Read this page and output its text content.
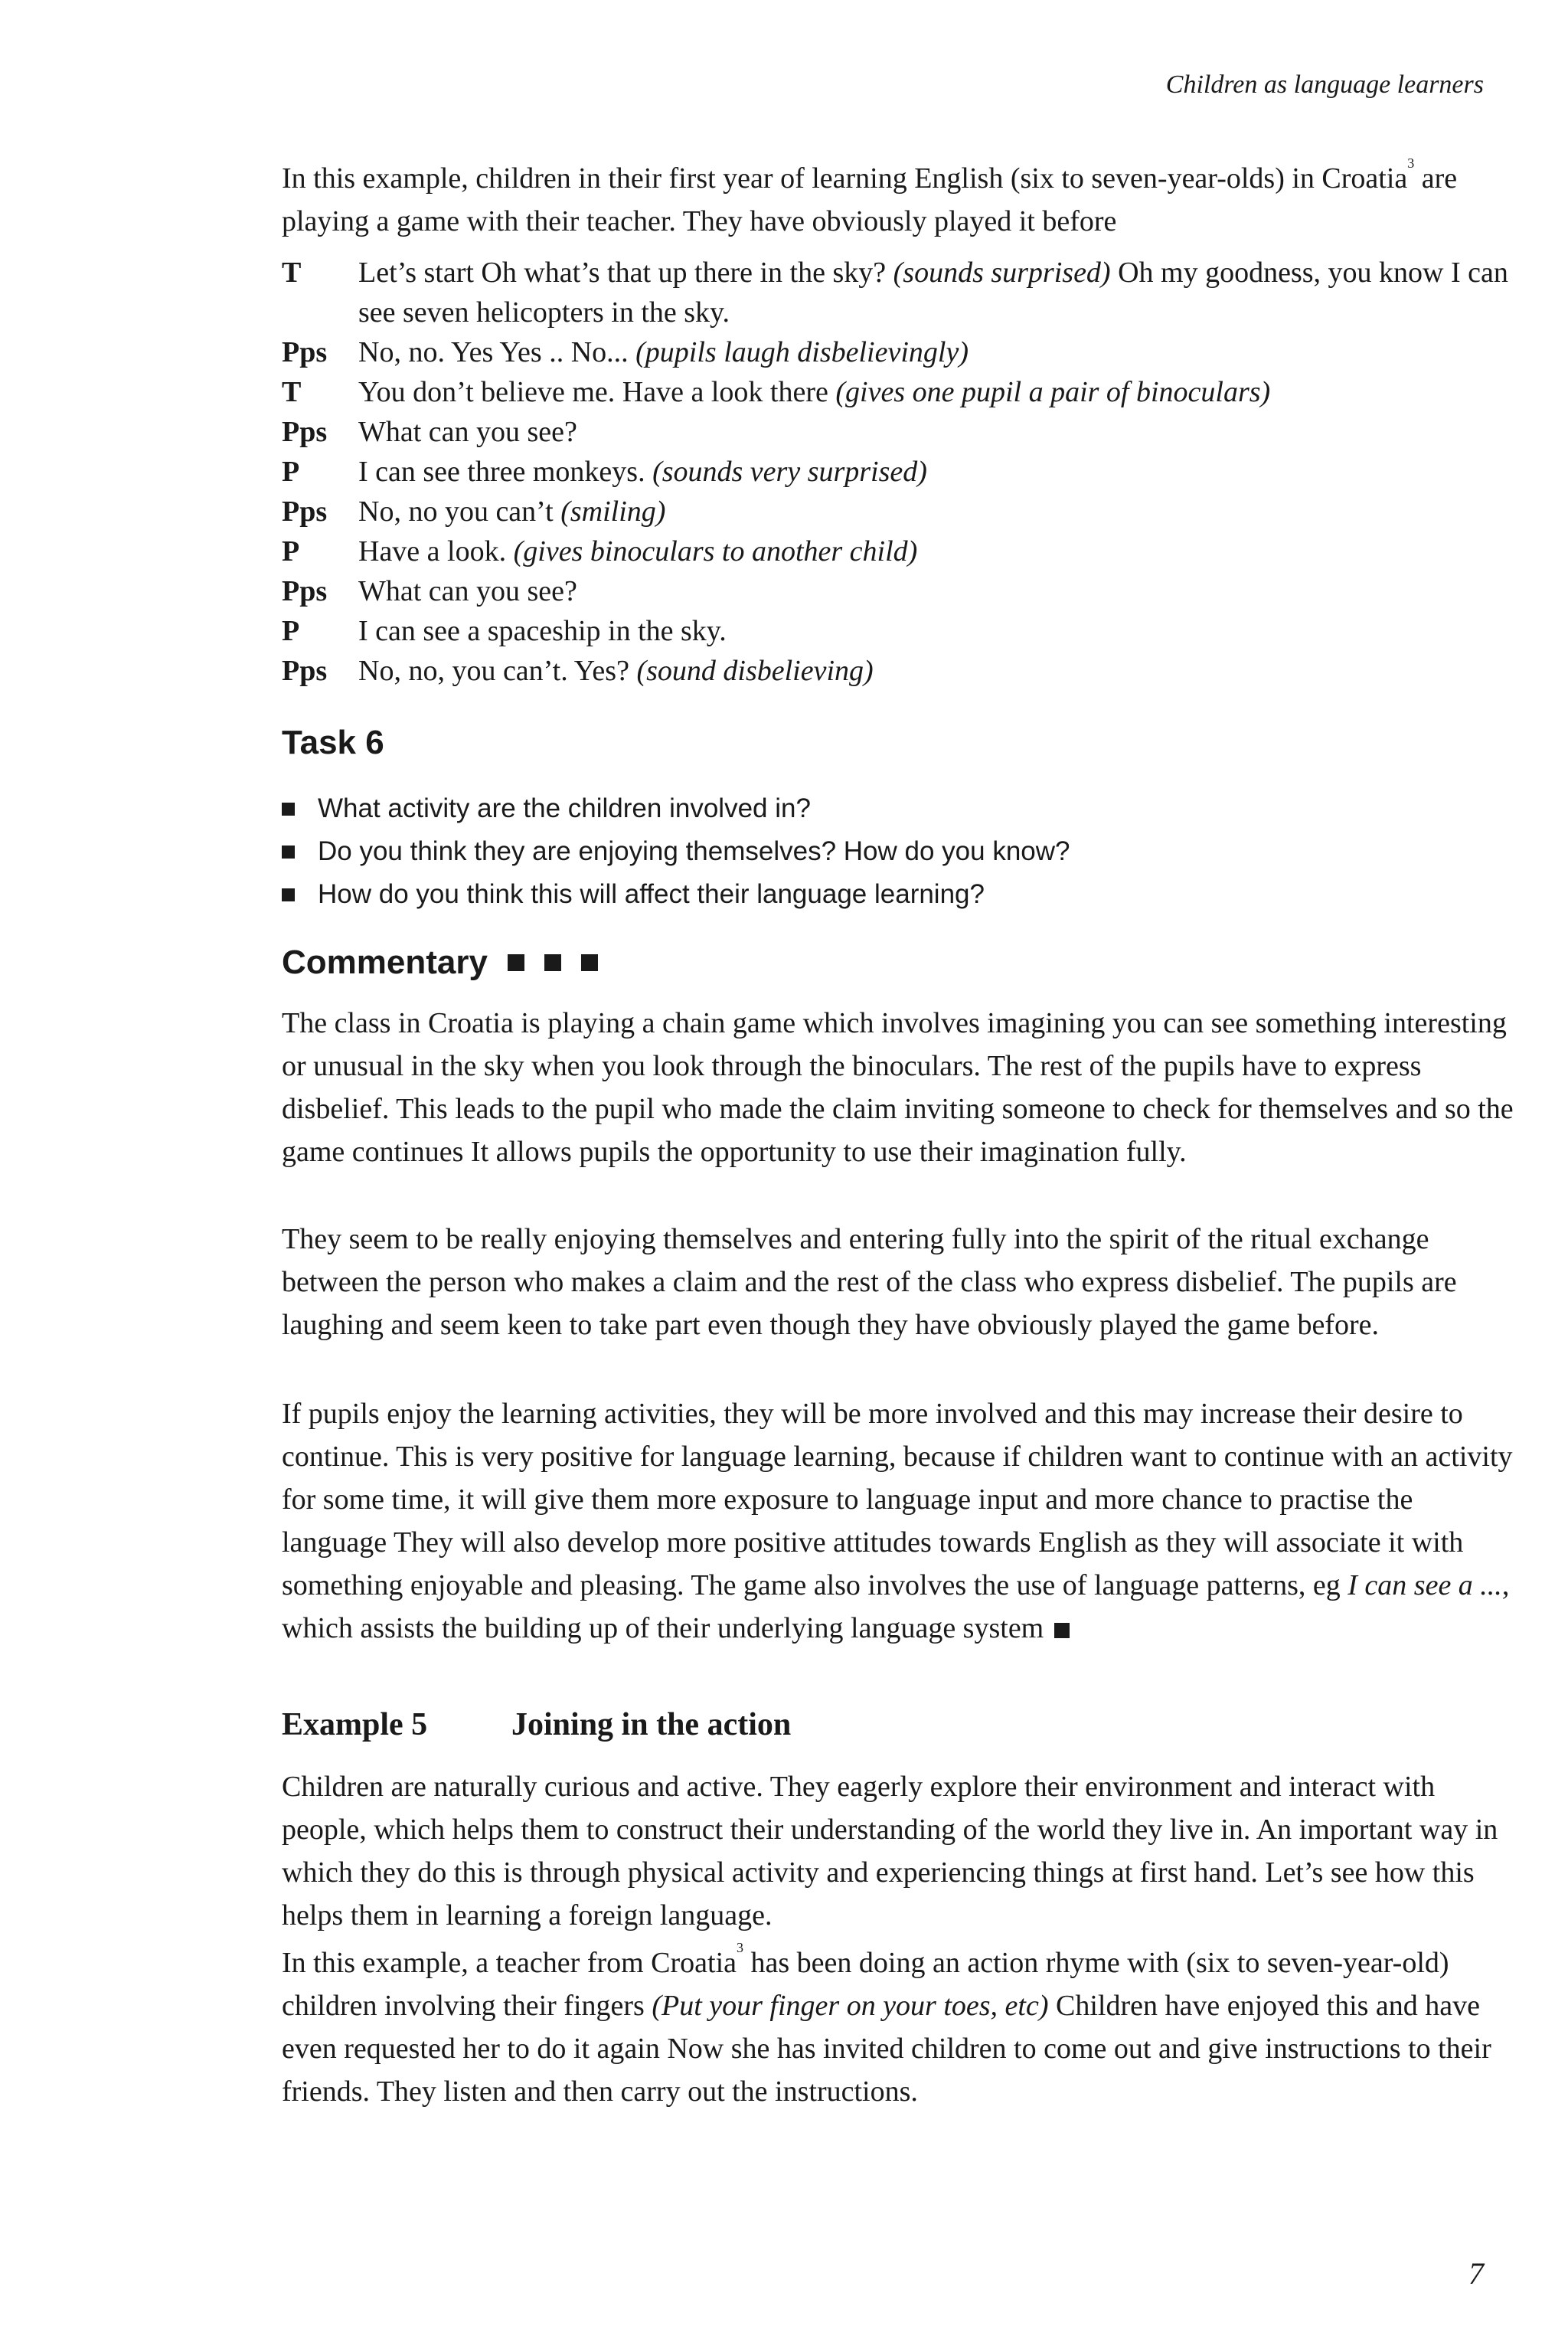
Children as language learners

In this example, children in their first year of learning English (six to seven-year-olds) in Croatia$^3$ are playing a game with their teacher. They have obviously played it before

T	Let’s start Oh what’s that up there in the sky? (sounds surprised) Oh my goodness, you know I can see seven helicopters in the sky.
Pps	No, no. Yes Yes .. No... (pupils laugh disbelievingly)
T	You don’t believe me. Have a look there (gives one pupil a pair of binoculars)
Pps	What can you see?
P	I can see three monkeys. (sounds very surprised)
Pps	No, no you can’t (smiling)
P	Have a look. (gives binoculars to another child)
Pps	What can you see?
P	I can see a spaceship in the sky.
Pps	No, no, you can’t. Yes? (sound disbelieving)
Task 6
What activity are the children involved in?
Do you think they are enjoying themselves? How do you know?
How do you think this will affect their language learning?
Commentary

The class in Croatia is playing a chain game which involves imagining you can see something interesting or unusual in the sky when you look through the binoculars. The rest of the pupils have to express disbelief. This leads to the pupil who made the claim inviting someone to check for themselves and so the game continues It allows pupils the opportunity to use their imagination fully.

They seem to be really enjoying themselves and entering fully into the spirit of the ritual exchange between the person who makes a claim and the rest of the class who express disbelief. The pupils are laughing and seem keen to take part even though they have obviously played the game before.

If pupils enjoy the learning activities, they will be more involved and this may increase their desire to continue. This is very positive for language learning, because if children want to continue with an activity for some time, it will give them more exposure to language input and more chance to practise the language They will also develop more positive attitudes towards English as they will associate it with something enjoyable and pleasing. The game also involves the use of language patterns, eg I can see a ..., which assists the building up of their underlying language system

Example 5	Joining in the action

Children are naturally curious and active. They eagerly explore their environment and interact with people, which helps them to construct their understanding of the world they live in. An important way in which they do this is through physical activity and experiencing things at first hand. Let’s see how this helps them in learning a foreign language.

In this example, a teacher from Croatia$^3$ has been doing an action rhyme with (six to seven-year-old) children involving their fingers (Put your finger on your toes, etc) Children have enjoyed this and have even requested her to do it again Now she has invited children to come out and give instructions to their friends. They listen and then carry out the instructions.

7
